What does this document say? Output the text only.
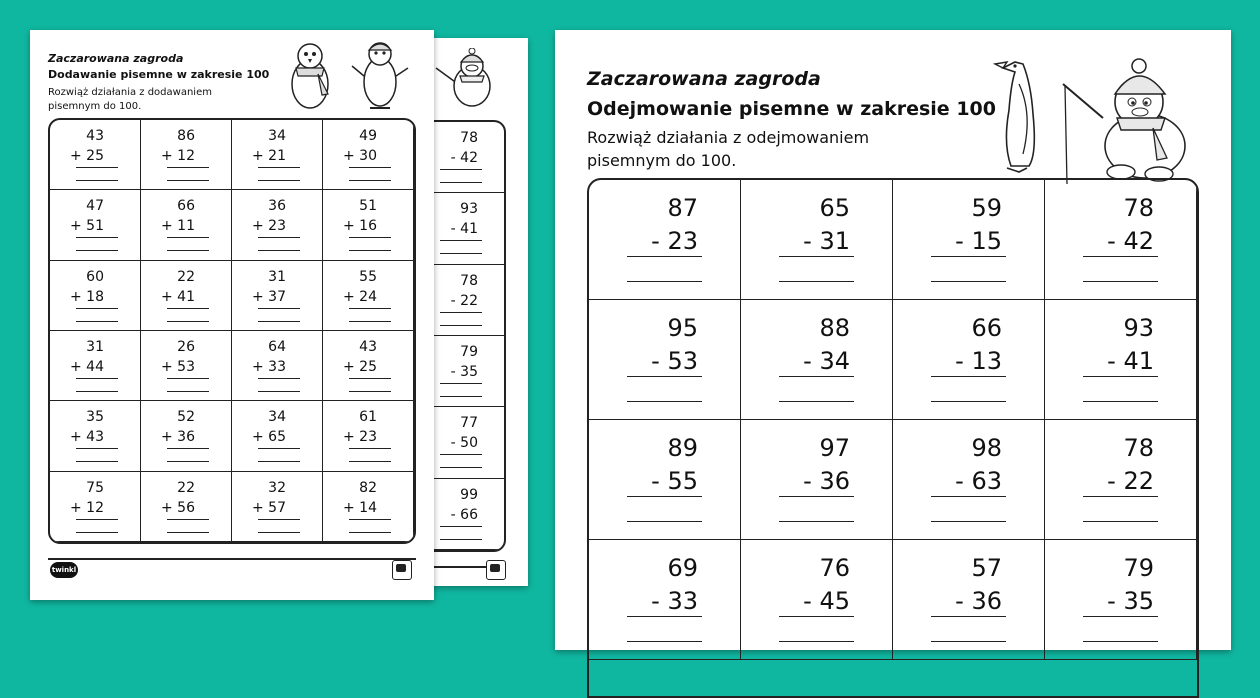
78
- 42
93
- 41
78
- 22
79
- 35
77
- 50
99
- 66
Zaczarowana zagroda
Dodawanie pisemne w zakresie 100
Rozwiąż działania z dodawaniem
pisemnym do 100.
43
+ 25
86
+ 12
34
+ 21
49
+ 30
47
+ 51
66
+ 11
36
+ 23
51
+ 16
60
+ 18
22
+ 41
31
+ 37
55
+ 24
31
+ 44
26
+ 53
64
+ 33
43
+ 25
35
+ 43
52
+ 36
34
+ 65
61
+ 23
75
+ 12
22
+ 56
32
+ 57
82
+ 14
twinkl
Zaczarowana zagroda
Odejmowanie pisemne w zakresie 100
Rozwiąż działania z odejmowaniem
pisemnym do 100.
87
- 23
65
- 31
59
- 15
78
- 42
95
- 53
88
- 34
66
- 13
93
- 41
89
- 55
97
- 36
98
- 63
78
- 22
69
- 33
76
- 45
57
- 36
79
- 35
